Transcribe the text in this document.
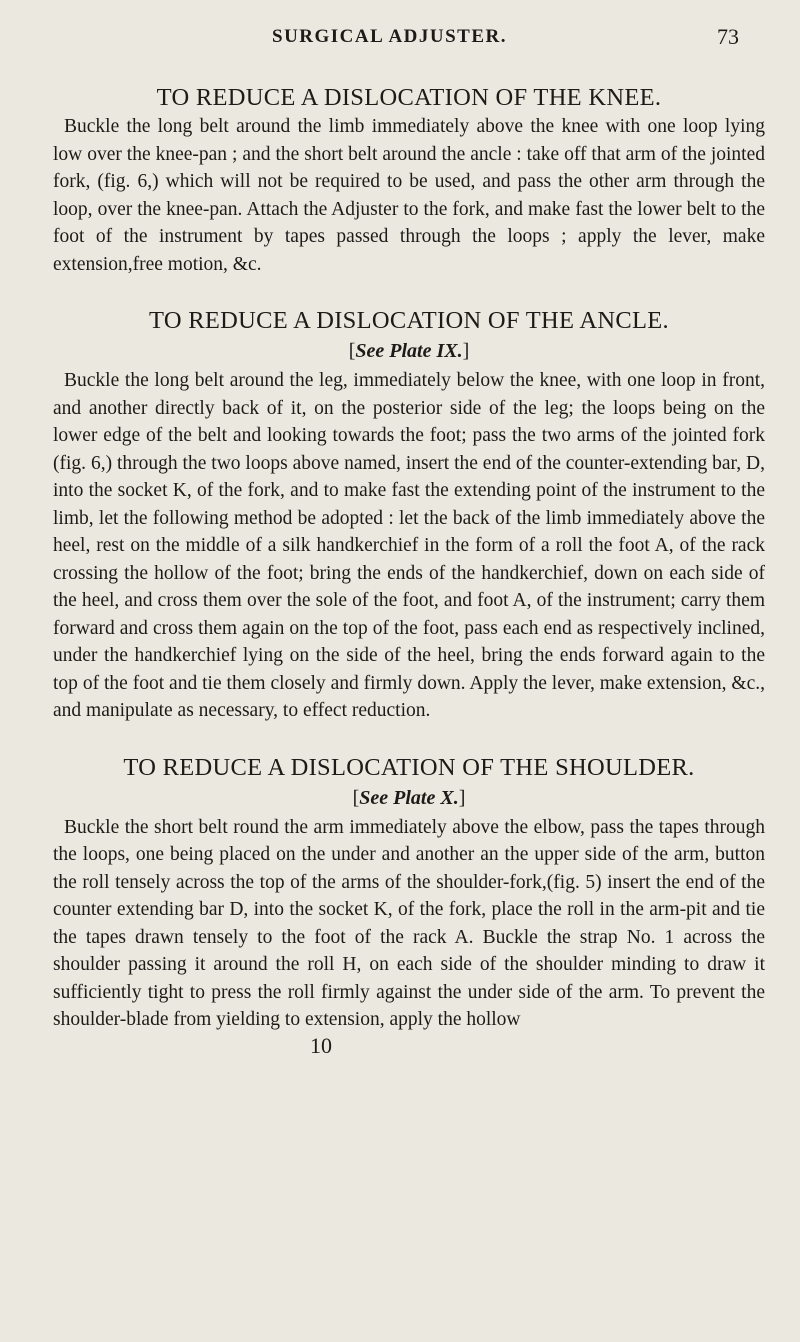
SURGICAL ADJUSTER.	73
TO REDUCE A DISLOCATION OF THE KNEE.

Buckle the long belt around the limb immediately above the knee with one loop lying low over the knee-pan ; and the short belt around the ancle : take off that arm of the jointed fork, (fig. 6,) which will not be required to be used, and pass the other arm through the loop, over the knee-pan. Attach the Adjuster to the fork, and make fast the lower belt to the foot of the instrument by tapes passed through the loops ; apply the lever, make extension,free motion, &c.

TO REDUCE A DISLOCATION OF THE ANCLE.
[See Plate IX.]

Buckle the long belt around the leg, immediately below the knee, with one loop in front, and another directly back of it, on the posterior side of the leg; the loops being on the lower edge of the belt and looking towards the foot; pass the two arms of the jointed fork (fig. 6,) through the two loops above named, insert the end of the counter-extending bar, D, into the socket K, of the fork, and to make fast the extending point of the instrument to the limb, let the following method be adopted : let the back of the limb immediately above the heel, rest on the middle of a silk handkerchief in the form of a roll the foot A, of the rack crossing the hollow of the foot; bring the ends of the handkerchief, down on each side of the heel, and cross them over the sole of the foot, and foot A, of the instrument; carry them forward and cross them again on the top of the foot, pass each end as respectively inclined, under the handkerchief lying on the side of the heel, bring the ends forward again to the top of the foot and tie them closely and firmly down. Apply the lever, make extension, &c., and manipulate as necessary, to effect reduction.

TO REDUCE A DISLOCATION OF THE SHOULDER.
[See Plate X.]

Buckle the short belt round the arm immediately above the elbow, pass the tapes through the loops, one being placed on the under and another an the upper side of the arm, button the roll tensely across the top of the arms of the shoulder-fork,(fig. 5) insert the end of the counter extending bar D, into the socket K, of the fork, place the roll in the arm-pit and tie the tapes drawn tensely to the foot of the rack A. Buckle the strap No. 1 across the shoulder passing it around the roll H, on each side of the shoulder minding to draw it sufficiently tight to press the roll firmly against the under side of the arm. To prevent the shoulder-blade from yielding to extension, apply the hollow

10
